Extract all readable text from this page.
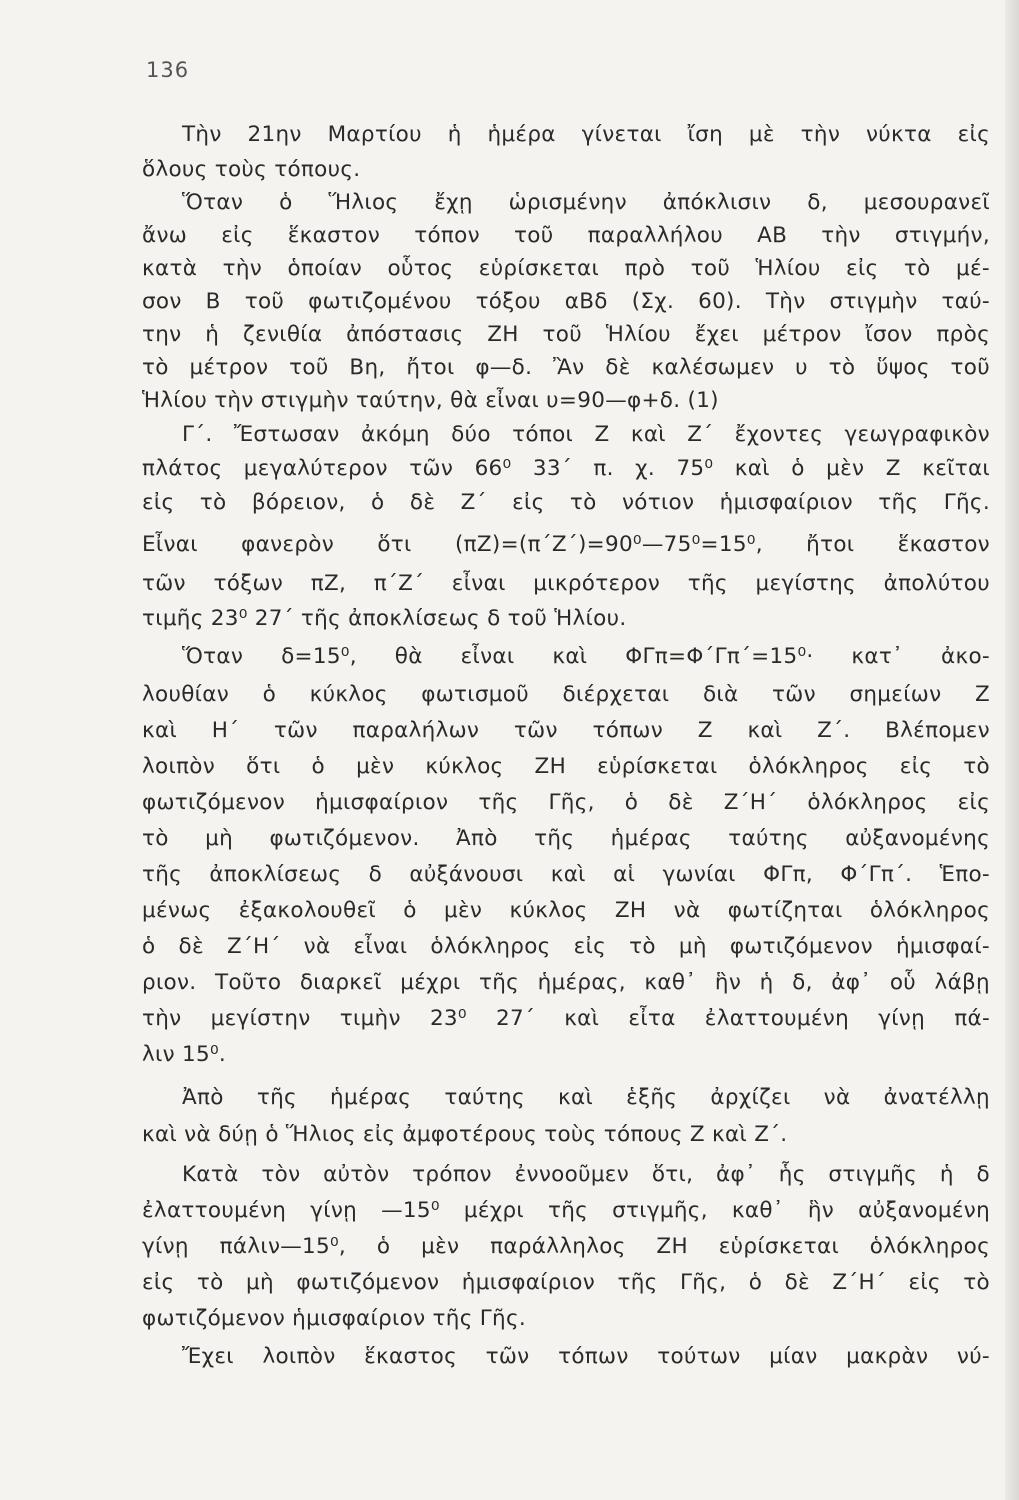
136
Τὴν 21ην Μαρτίου ἡ ἡμέρα γίνεται ἴση μὲ τὴν νύκτα εἰς
ὅλους τοὺς τόπους.
Ὅταν ὁ Ἥλιος ἔχῃ ὡρισμένην ἀπόκλισιν δ, μεσουρανεῖ
ἄνω εἰς ἕκαστον τόπον τοῦ παραλλήλου ΑΒ τὴν στιγμήν,
κατὰ τὴν ὁποίαν οὗτος εὑρίσκεται πρὸ τοῦ Ἡλίου εἰς τὸ μέ-
σον Β τοῦ φωτιζομένου τόξου αΒδ (Σχ. 60). Τὴν στιγμὴν ταύ-
την ἡ ζενιθία ἀπόστασις ΖΗ τοῦ Ἡλίου ἔχει μέτρον ἴσον πρὸς
τὸ μέτρον τοῦ Βη, ἤτοι φ—δ. Ἂν δὲ καλέσωμεν υ τὸ ὕψος τοῦ
Ἡλίου τὴν στιγμὴν ταύτην, θὰ εἶναι υ=90—φ+δ. (1)
Γ΄. Ἔστωσαν ἀκόμη δύο τόποι Ζ καὶ Ζ΄ ἔχοντες γεωγραφικὸν
πλάτος μεγαλύτερον τῶν 66⁰ 33΄ π. χ. 75⁰ καὶ ὁ μὲν Ζ κεῖται
εἰς τὸ βόρειον, ὁ δὲ Ζ΄ εἰς τὸ νότιον ἡμισφαίριον τῆς Γῆς.
Εἶναι φανερὸν ὅτι (πΖ)=(π΄Ζ΄)=90⁰—75⁰=15⁰, ἤτοι ἕκαστον
τῶν τόξων πΖ, π΄Ζ΄ εἶναι μικρότερον τῆς μεγίστης ἀπολύτου
τιμῆς 23⁰ 27΄ τῆς ἀποκλίσεως δ τοῦ Ἡλίου.
Ὅταν δ=15⁰, θὰ εἶναι καὶ ΦΓπ=Φ΄Γπ΄=15⁰· κατ᾽ ἀκο-
λουθίαν ὁ κύκλος φωτισμοῦ διέρχεται διὰ τῶν σημείων Ζ
καὶ Η΄ τῶν παραλήλων τῶν τόπων Ζ καὶ Ζ΄. Βλέπομεν
λοιπὸν ὅτι ὁ μὲν κύκλος ΖΗ εὑρίσκεται ὁλόκληρος εἰς τὸ
φωτιζόμενον ἡμισφαίριον τῆς Γῆς, ὁ δὲ Ζ΄Η΄ ὁλόκληρος εἰς
τὸ μὴ φωτιζόμενον. Ἀπὸ τῆς ἡμέρας ταύτης αὐξανομένης
τῆς ἀποκλίσεως δ αὐξάνουσι καὶ αἱ γωνίαι ΦΓπ, Φ΄Γπ΄. Ἑπο-
μένως ἐξακολουθεῖ ὁ μὲν κύκλος ΖΗ νὰ φωτίζηται ὁλόκληρος
ὁ δὲ Ζ΄Η΄ νὰ εἶναι ὁλόκληρος εἰς τὸ μὴ φωτιζόμενον ἡμισφαί-
ριον. Τοῦτο διαρκεῖ μέχρι τῆς ἡμέρας, καθ᾽ ἣν ἡ δ, ἀφ᾽ οὗ λάβῃ
τὴν μεγίστην τιμὴν 23⁰ 27΄ καὶ εἶτα ἐλαττουμένη γίνῃ πά-
λιν 15⁰.
Ἀπὸ τῆς ἡμέρας ταύτης καὶ ἑξῆς ἀρχίζει νὰ ἀνατέλλῃ
καὶ νὰ δύῃ ὁ Ἥλιος εἰς ἀμφοτέρους τοὺς τόπους Ζ καὶ Ζ΄.
Κατὰ τὸν αὐτὸν τρόπον ἐννοοῦμεν ὅτι, ἀφ᾽ ἧς στιγμῆς ἡ δ
ἐλαττουμένη γίνῃ —15⁰ μέχρι τῆς στιγμῆς, καθ᾽ ἣν αὐξανομένη
γίνῃ πάλιν—15⁰, ὁ μὲν παράλληλος ΖΗ εὑρίσκεται ὁλόκληρος
εἰς τὸ μὴ φωτιζόμενον ἡμισφαίριον τῆς Γῆς, ὁ δὲ Ζ΄Η΄ εἰς τὸ
φωτιζόμενον ἡμισφαίριον τῆς Γῆς.
Ἔχει λοιπὸν ἕκαστος τῶν τόπων τούτων μίαν μακρὰν νύ-
